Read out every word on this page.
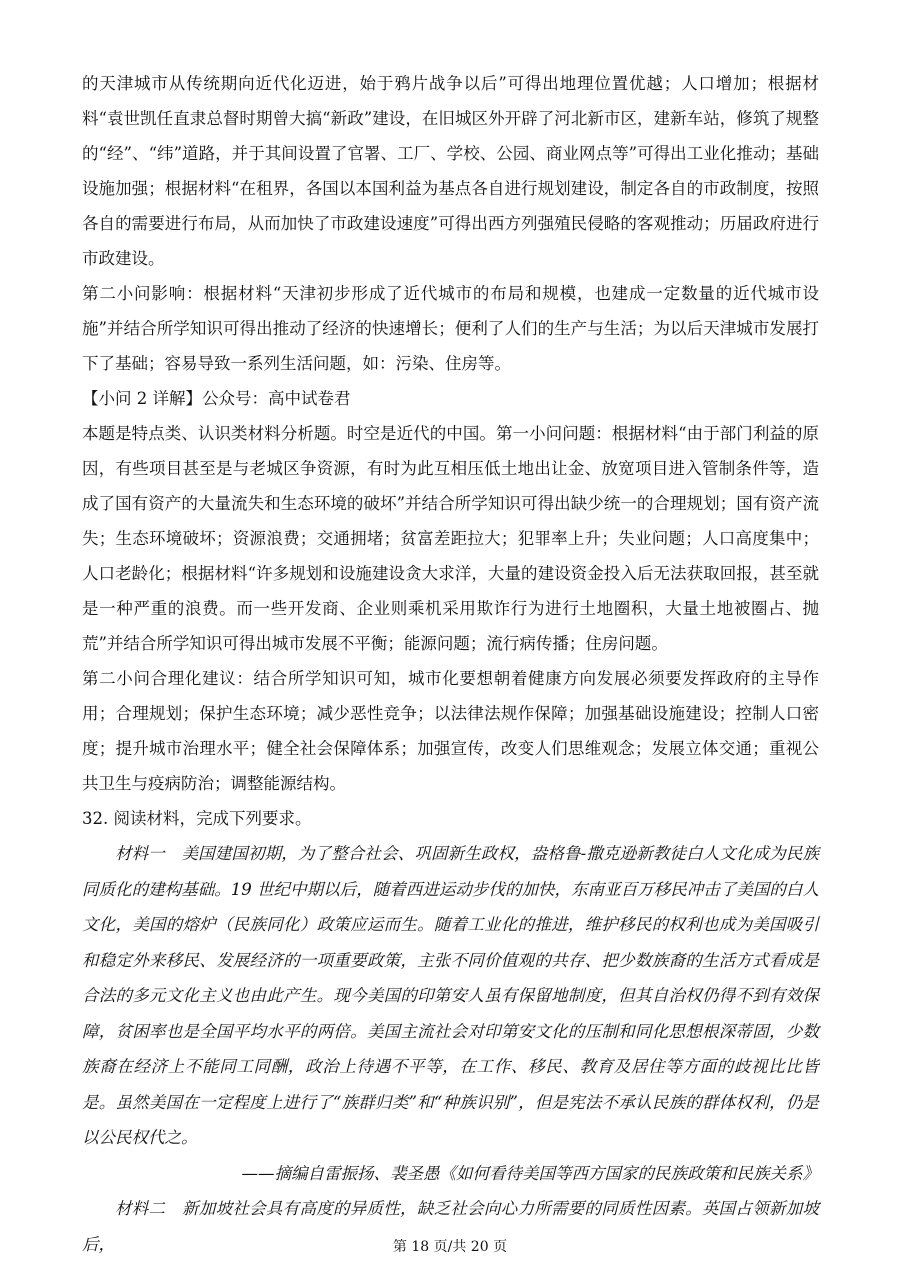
的天津城市从传统期向近代化迈进，始于鸦片战争以后”可得出地理位置优越；人口增加；根据材料“袁世凯任直隶总督时期曾大搞“新政”建设，在旧城区外开辟了河北新市区，建新车站，修筑了规整的“经”、“纬”道路，并于其间设置了官署、工厂、学校、公园、商业网点等”可得出工业化推动；基础设施加强；根据材料“在租界，各国以本国利益为基点各自进行规划建设，制定各自的市政制度，按照各自的需要进行布局，从而加快了市政建设速度”可得出西方列强殖民侵略的客观推动；历届政府进行市政建设。

第二小问影响：根据材料“天津初步形成了近代城市的布局和规模，也建成一定数量的近代城市设施”并结合所学知识可得出推动了经济的快速增长；便利了人们的生产与生活；为以后天津城市发展打下了基础；容易导致一系列生活问题，如：污染、住房等。

【小问 2 详解】公众号：高中试卷君

本题是特点类、认识类材料分析题。时空是近代的中国。第一小问问题：根据材料“由于部门利益的原因，有些项目甚至是与老城区争资源，有时为此互相压低土地出让金、放宽项目进入管制条件等，造成了国有资产的大量流失和生态环境的破坏”并结合所学知识可得出缺少统一的合理规划；国有资产流失；生态环境破坏；资源浪费；交通拥堵；贫富差距拉大；犯罪率上升；失业问题；人口高度集中；人口老龄化；根据材料“许多规划和设施建设贪大求洋，大量的建设资金投入后无法获取回报，甚至就是一种严重的浪费。而一些开发商、企业则乘机采用欺诈行为进行土地圈积，大量土地被圈占、抛荒”并结合所学知识可得出城市发展不平衡；能源问题；流行病传播；住房问题。

第二小问合理化建议：结合所学知识可知，城市化要想朝着健康方向发展必须要发挥政府的主导作用；合理规划；保护生态环境；减少恶性竞争；以法律法规作保障；加强基础设施建设；控制人口密度；提升城市治理水平；健全社会保障体系；加强宣传，改变人们思维观念；发展立体交通；重视公共卫生与疫病防治；调整能源结构。

32. 阅读材料，完成下列要求。

材料一　美国建国初期，为了整合社会、巩固新生政权，盎格鲁-撒克逊新教徒白人文化成为民族同质化的建构基础。19 世纪中期以后，随着西进运动步伐的加快，东南亚百万移民冲击了美国的白人文化，美国的熔炉（民族同化）政策应运而生。随着工业化的推进，维护移民的权利也成为美国吸引和稳定外来移民、发展经济的一项重要政策，主张不同价值观的共存、把少数族裔的生活方式看成是合法的多元文化主义也由此产生。现今美国的印第安人虽有保留地制度，但其自治权仍得不到有效保障，贫困率也是全国平均水平的两倍。美国主流社会对印第安文化的压制和同化思想根深蒂固，少数族裔在经济上不能同工同酬，政治上待遇不平等，在工作、移民、教育及居住等方面的歧视比比皆是。虽然美国在一定程度上进行了“族群归类”和“种族识别”，但是宪法不承认民族的群体权利，仍是以公民权代之。

——摘编自雷振扬、裴圣愚《如何看待美国等西方国家的民族政策和民族关系》

材料二　新加坡社会具有高度的异质性，缺乏社会向心力所需要的同质性因素。英国占领新加坡后，	第 18 页/共 20 页
